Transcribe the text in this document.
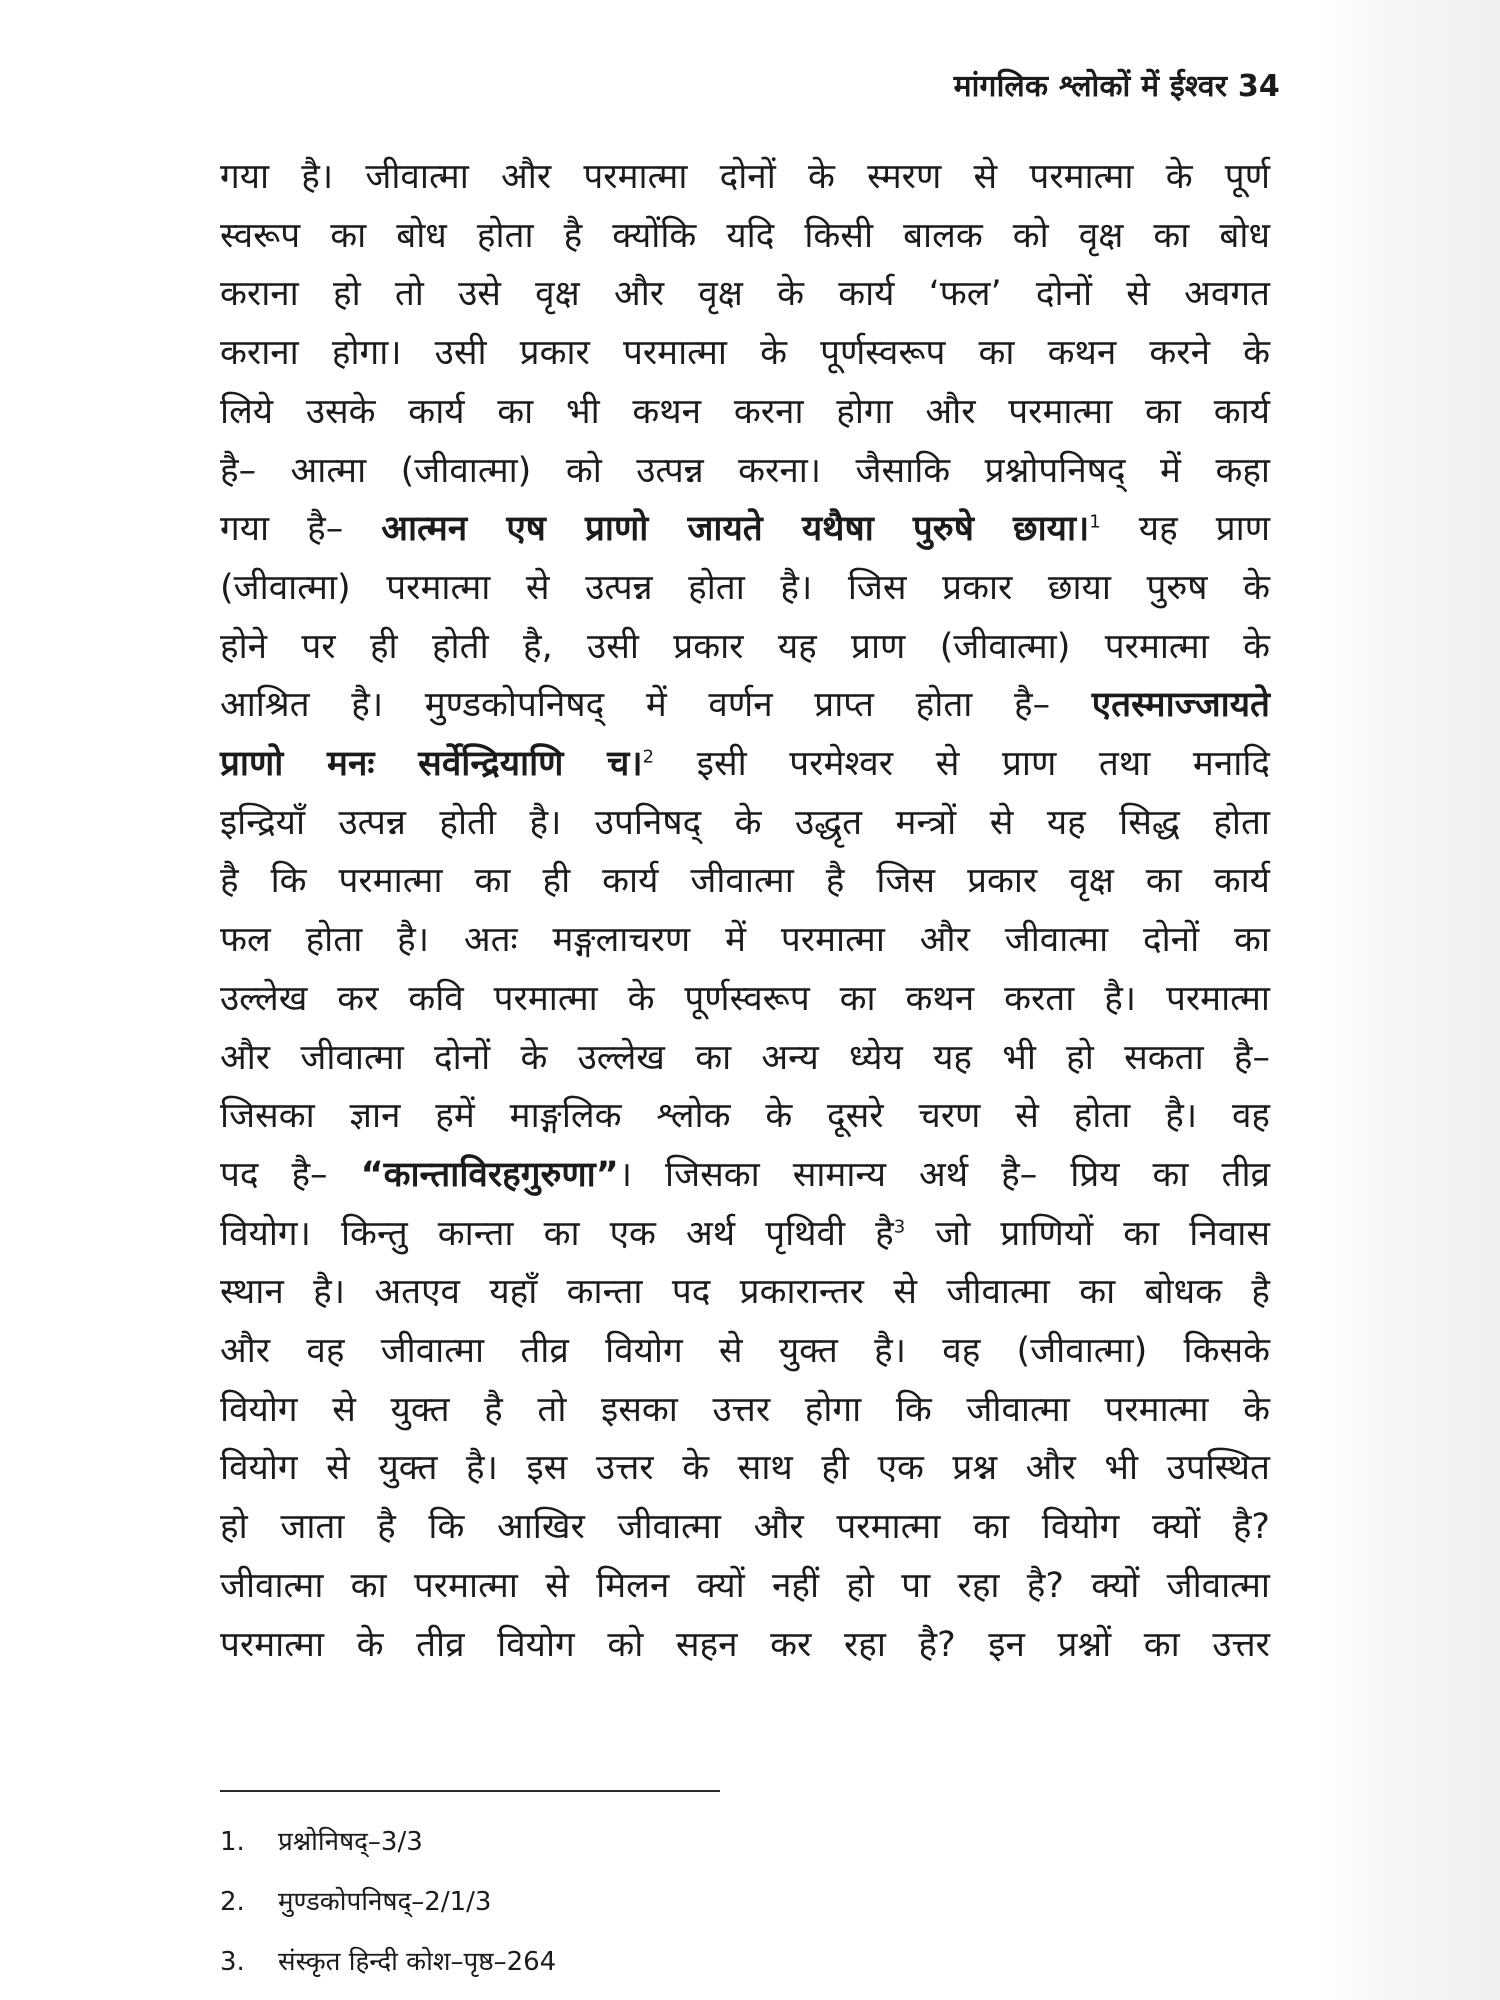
मांगलिक श्लोकों में ईश्वर 34
गया है। जीवात्मा और परमात्मा दोनों के स्मरण से परमात्मा के पूर्ण
स्वरूप का बोध होता है क्योंकि यदि किसी बालक को वृक्ष का बोध
कराना हो तो उसे वृक्ष और वृक्ष के कार्य ‘फल’ दोनों से अवगत
कराना होगा। उसी प्रकार परमात्मा के पूर्णस्वरूप का कथन करने के
लिये उसके कार्य का भी कथन करना होगा और परमात्मा का कार्य
है– आत्मा (जीवात्मा) को उत्पन्न करना। जैसाकि प्रश्नोपनिषद् में कहा
गया है– आत्मन एष प्राणो जायते यथैषा पुरुषे छाया।$^1$ यह प्राण
(जीवात्मा) परमात्मा से उत्पन्न होता है। जिस प्रकार छाया पुरुष के
होने पर ही होती है, उसी प्रकार यह प्राण (जीवात्मा) परमात्मा के
आश्रित है। मुण्डकोपनिषद् में वर्णन प्राप्त होता है– एतस्माज्जायते
प्राणो मनः सर्वेन्द्रियाणि च।$^2$ इसी परमेश्वर से प्राण तथा मनादि
इन्द्रियाँ उत्पन्न होती है। उपनिषद् के उद्धृत मन्त्रों से यह सिद्ध होता
है कि परमात्मा का ही कार्य जीवात्मा है जिस प्रकार वृक्ष का कार्य
फल होता है। अतः मङ्गलाचरण में परमात्मा और जीवात्मा दोनों का
उल्लेख कर कवि परमात्मा के पूर्णस्वरूप का कथन करता है। परमात्मा
और जीवात्मा दोनों के उल्लेख का अन्य ध्येय यह भी हो सकता है–
जिसका ज्ञान हमें माङ्गलिक श्लोक के दूसरे चरण से होता है। वह
पद है– “कान्ताविरहगुरुणा”। जिसका सामान्य अर्थ है– प्रिय का तीव्र
वियोग। किन्तु कान्ता का एक अर्थ पृथिवी है$^3$ जो प्राणियों का निवास
स्थान है। अतएव यहाँ कान्ता पद प्रकारान्तर से जीवात्मा का बोधक है
और वह जीवात्मा तीव्र वियोग से युक्त है। वह (जीवात्मा) किसके
वियोग से युक्त है तो इसका उत्तर होगा कि जीवात्मा परमात्मा के
वियोग से युक्त है। इस उत्तर के साथ ही एक प्रश्न और भी उपस्थित
हो जाता है कि आखिर जीवात्मा और परमात्मा का वियोग क्यों है?
जीवात्मा का परमात्मा से मिलन क्यों नहीं हो पा रहा है? क्यों जीवात्मा
परमात्मा के तीव्र वियोग को सहन कर रहा है? इन प्रश्नों का उत्तर
1. प्रश्नोनिषद्–3/3
2. मुण्डकोपनिषद्–2/1/3
3. संस्कृत हिन्दी कोश–पृष्ठ–264
